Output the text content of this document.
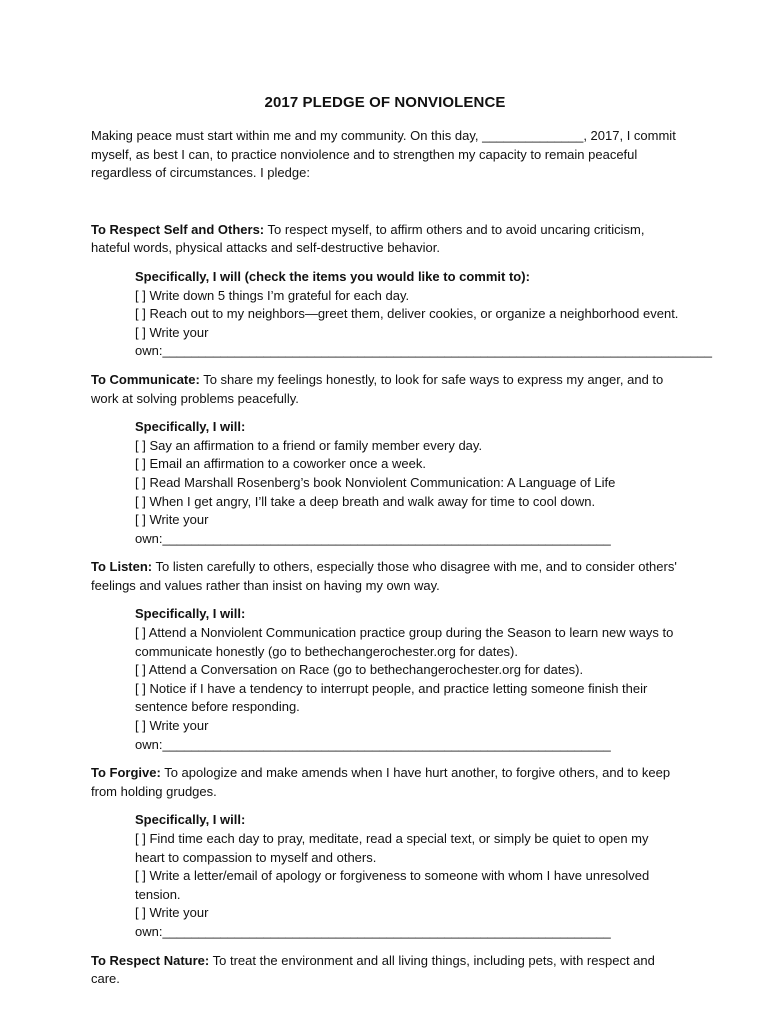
2017 PLEDGE OF NONVIOLENCE

Making peace must start within me and my community. On this day, ______________, 2017, I commit myself, as best I can, to practice nonviolence and to strengthen my capacity to remain peaceful regardless of circumstances. I pledge:

To Respect Self and Others: To respect myself, to affirm others and to avoid uncaring criticism, hateful words, physical attacks and self-destructive behavior.

Specifically, I will (check the items you would like to commit to):
[ ] Write down 5 things I’m grateful for each day.
[ ] Reach out to my neighbors—greet them, deliver cookies, or organize a neighborhood event. [ ] Write your own:____________________________________________________________________________

To Communicate: To share my feelings honestly, to look for safe ways to express my anger, and to work at solving problems peacefully.

Specifically, I will:
[ ] Say an affirmation to a friend or family member every day.
[ ] Email an affirmation to a coworker once a week.
[ ] Read Marshall Rosenberg’s book Nonviolent Communication: A Language of Life
[ ] When I get angry, I’ll take a deep breath and walk away for time to cool down.
[ ] Write your own:______________________________________________________________

To Listen: To listen carefully to others, especially those who disagree with me, and to consider others' feelings and values rather than insist on having my own way.

Specifically, I will:
[ ] Attend a Nonviolent Communication practice group during the Season to learn new ways to communicate honestly (go to bethechangerochester.org for dates).
[ ] Attend a Conversation on Race (go to bethechangerochester.org for dates).
[ ] Notice if I have a tendency to interrupt people, and practice letting someone finish their sentence before responding.
[ ] Write your own:______________________________________________________________

To Forgive: To apologize and make amends when I have hurt another, to forgive others, and to keep from holding grudges.

Specifically, I will:
[ ] Find time each day to pray, meditate, read a special text, or simply be quiet to open my heart to compassion to myself and others.
[ ] Write a letter/email of apology or forgiveness to someone with whom I have unresolved tension.
[ ] Write your own:______________________________________________________________

To Respect Nature: To treat the environment and all living things, including pets, with respect and care.
